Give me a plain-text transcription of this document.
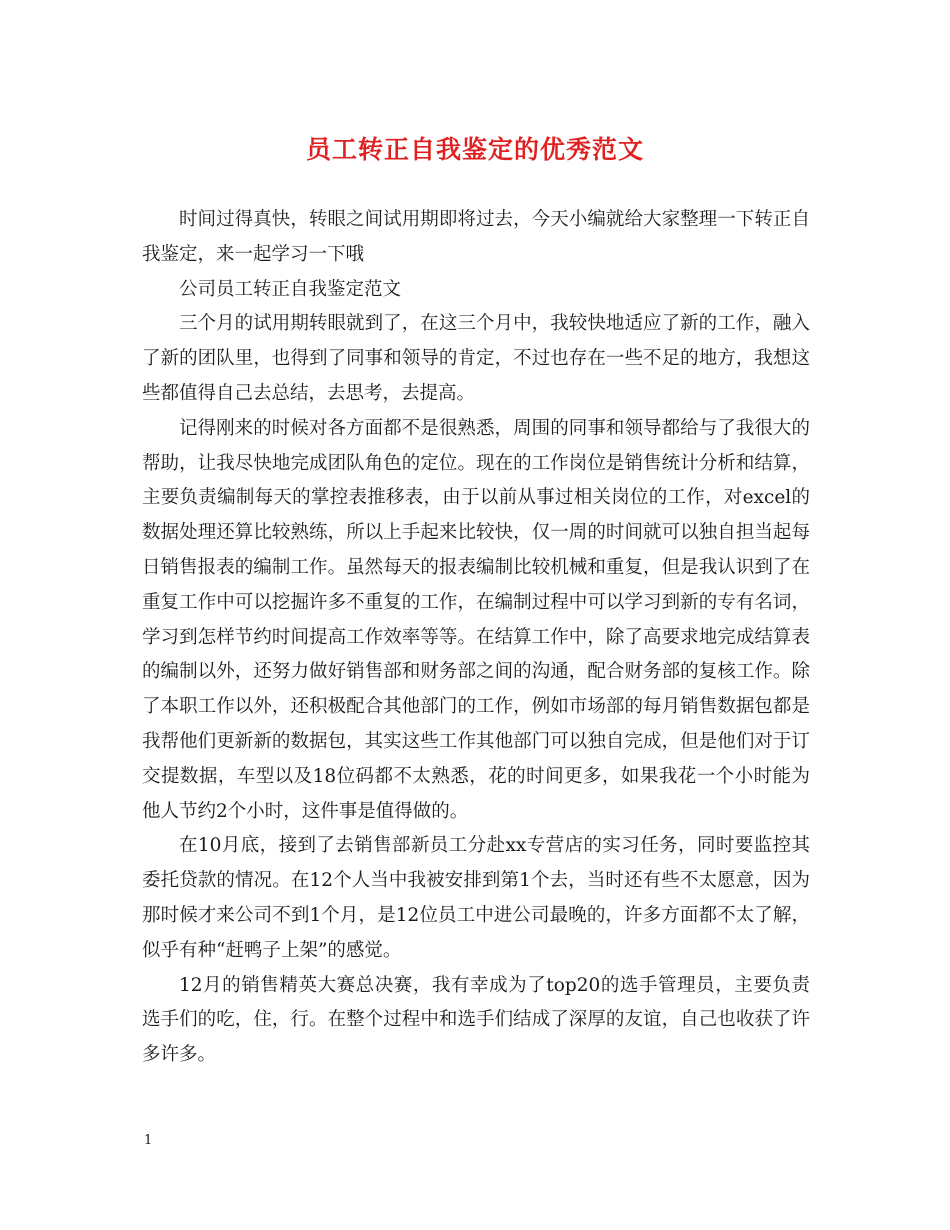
员工转正自我鉴定的优秀范文

时间过得真快，转眼之间试用期即将过去，今天小编就给大家整理一下转正自我鉴定，来一起学习一下哦

公司员工转正自我鉴定范文

三个月的试用期转眼就到了，在这三个月中，我较快地适应了新的工作，融入了新的团队里，也得到了同事和领导的肯定，不过也存在一些不足的地方，我想这些都值得自己去总结，去思考，去提高。

记得刚来的时候对各方面都不是很熟悉，周围的同事和领导都给与了我很大的帮助，让我尽快地完成团队角色的定位。现在的工作岗位是销售统计分析和结算，主要负责编制每天的掌控表推移表，由于以前从事过相关岗位的工作，对excel的数据处理还算比较熟练，所以上手起来比较快，仅一周的时间就可以独自担当起每日销售报表的编制工作。虽然每天的报表编制比较机械和重复，但是我认识到了在重复工作中可以挖掘许多不重复的工作，在编制过程中可以学习到新的专有名词，学习到怎样节约时间提高工作效率等等。在结算工作中，除了高要求地完成结算表的编制以外，还努力做好销售部和财务部之间的沟通，配合财务部的复核工作。除了本职工作以外，还积极配合其他部门的工作，例如市场部的每月销售数据包都是我帮他们更新新的数据包，其实这些工作其他部门可以独自完成，但是他们对于订交提数据，车型以及18位码都不太熟悉，花的时间更多，如果我花一个小时能为他人节约2个小时，这件事是值得做的。

在10月底，接到了去销售部新员工分赴xx专营店的实习任务，同时要监控其委托贷款的情况。在12个人当中我被安排到第1个去，当时还有些不太愿意，因为那时候才来公司不到1个月，是12位员工中进公司最晚的，许多方面都不太了解，似乎有种“赶鸭子上架”的感觉。

12月的销售精英大赛总决赛，我有幸成为了top20的选手管理员，主要负责选手们的吃，住，行。在整个过程中和选手们结成了深厚的友谊，自己也收获了许多许多。

1
